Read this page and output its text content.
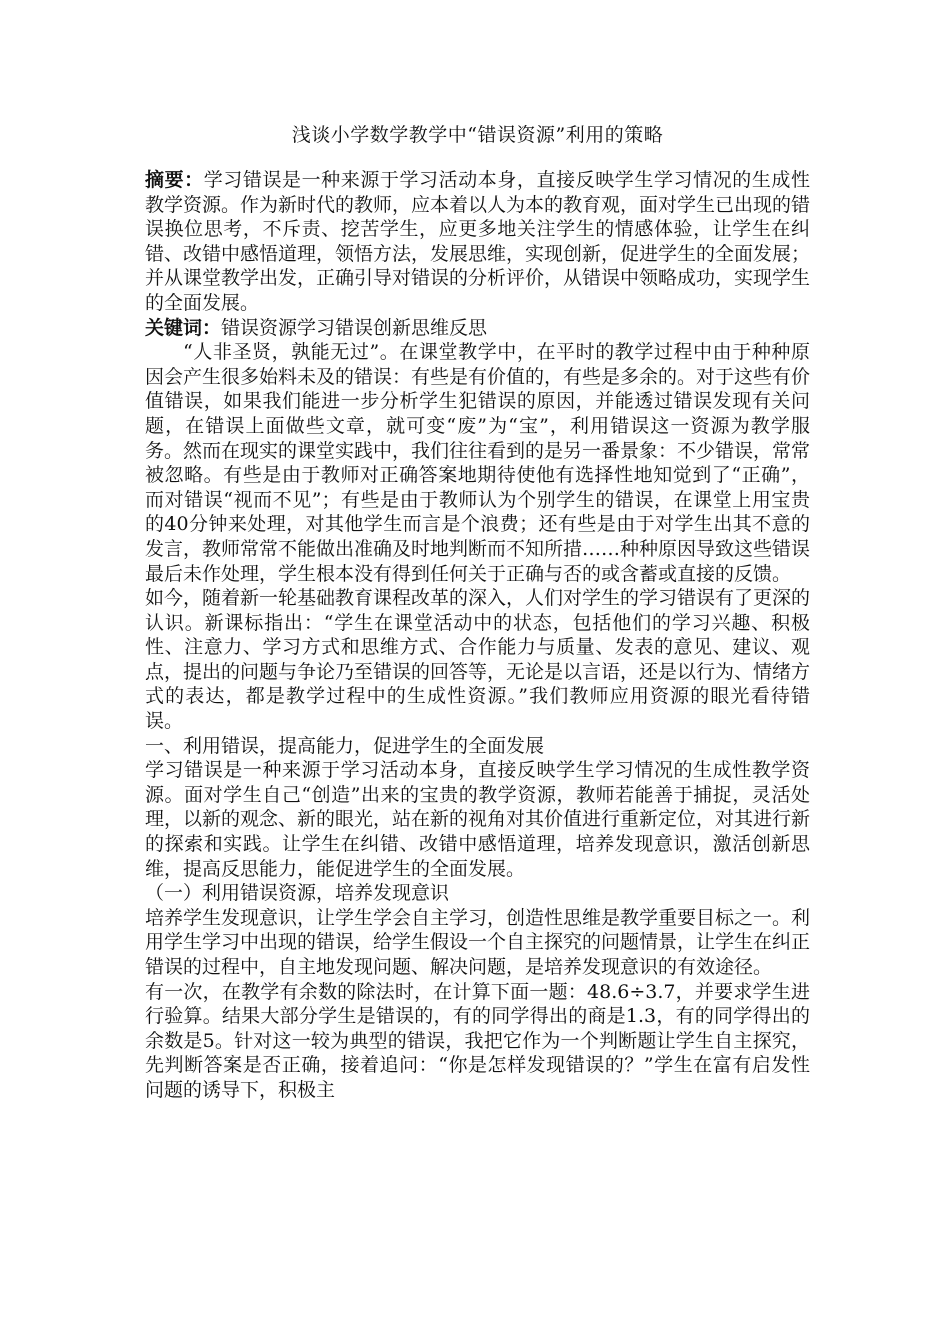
浅谈小学数学教学中“错误资源”利用的策略

摘要：学习错误是一种来源于学习活动本身，直接反映学生学习情况的生成性教学资源。作为新时代的教师，应本着以人为本的教育观，面对学生已出现的错误换位思考，不斥责、挖苦学生，应更多地关注学生的情感体验，让学生在纠错、改错中感悟道理，领悟方法，发展思维，实现创新，促进学生的全面发展；并从课堂教学出发，正确引导对错误的分析评价，从错误中领略成功，实现学生的全面发展。

关键词：错误资源学习错误创新思维反思

“人非圣贤，孰能无过”。在课堂教学中，在平时的教学过程中由于种种原因会产生很多始料未及的错误：有些是有价值的，有些是多余的。对于这些有价值错误，如果我们能进一步分析学生犯错误的原因，并能透过错误发现有关问题，在错误上面做些文章，就可变“废”为“宝”，利用错误这一资源为教学服务。然而在现实的课堂实践中，我们往往看到的是另一番景象：不少错误，常常被忽略。有些是由于教师对正确答案地期待使他有选择性地知觉到了“正确”，而对错误“视而不见”；有些是由于教师认为个别学生的错误，在课堂上用宝贵的40分钟来处理，对其他学生而言是个浪费；还有些是由于对学生出其不意的发言，教师常常不能做出准确及时地判断而不知所措……种种原因导致这些错误最后未作处理，学生根本没有得到任何关于正确与否的或含蓄或直接的反馈。

如今，随着新一轮基础教育课程改革的深入，人们对学生的学习错误有了更深的认识。新课标指出：“学生在课堂活动中的状态，包括他们的学习兴趣、积极性、注意力、学习方式和思维方式、合作能力与质量、发表的意见、建议、观点，提出的问题与争论乃至错误的回答等，无论是以言语，还是以行为、情绪方式的表达，都是教学过程中的生成性资源。”我们教师应用资源的眼光看待错误。

一、利用错误，提高能力，促进学生的全面发展

学习错误是一种来源于学习活动本身，直接反映学生学习情况的生成性教学资源。面对学生自己“创造”出来的宝贵的教学资源，教师若能善于捕捉，灵活处理，以新的观念、新的眼光，站在新的视角对其价值进行重新定位，对其进行新的探索和实践。让学生在纠错、改错中感悟道理，培养发现意识，激活创新思维，提高反思能力，能促进学生的全面发展。

（一）利用错误资源，培养发现意识

培养学生发现意识，让学生学会自主学习，创造性思维是教学重要目标之一。利用学生学习中出现的错误，给学生假设一个自主探究的问题情景，让学生在纠正错误的过程中，自主地发现问题、解决问题，是培养发现意识的有效途径。

有一次，在教学有余数的除法时，在计算下面一题：48.6÷3.7，并要求学生进行验算。结果大部分学生是错误的，有的同学得出的商是1.3，有的同学得出的余数是5。针对这一较为典型的错误，我把它作为一个判断题让学生自主探究，先判断答案是否正确，接着追问：“你是怎样发现错误的？”学生在富有启发性问题的诱导下，积极主
